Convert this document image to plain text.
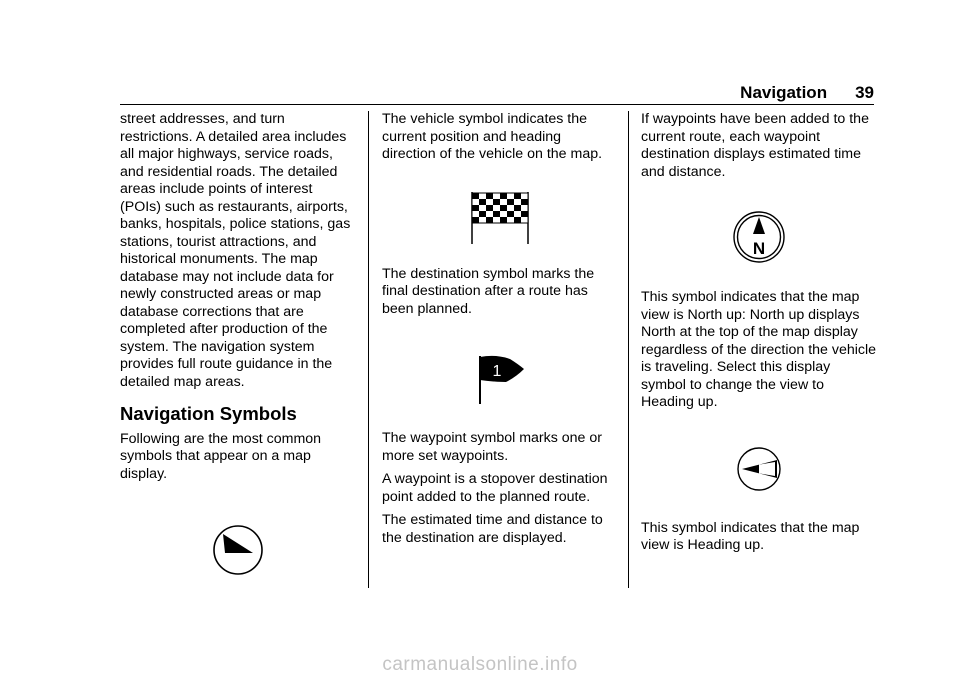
Navigation 39

street addresses, and turn restrictions. A detailed area includes all major highways, service roads, and residential roads. The detailed areas include points of interest (POIs) such as restaurants, airports, banks, hospitals, police stations, gas stations, tourist attractions, and historical monuments. The map database may not include data for newly constructed areas or map database corrections that are completed after production of the system. The navigation system provides full route guidance in the detailed map areas.

Navigation Symbols

Following are the most common symbols that appear on a map display.

The vehicle symbol indicates the current position and heading direction of the vehicle on the map.

The destination symbol marks the final destination after a route has been planned.

1

The waypoint symbol marks one or more set waypoints.

A waypoint is a stopover destination point added to the planned route.

The estimated time and distance to the destination are displayed.

If waypoints have been added to the current route, each waypoint destination displays estimated time and distance.

N

This symbol indicates that the map view is North up: North up displays North at the top of the map display regardless of the direction the vehicle is traveling. Select this display symbol to change the view to Heading up.

This symbol indicates that the map view is Heading up.

carmanualsonline.info
